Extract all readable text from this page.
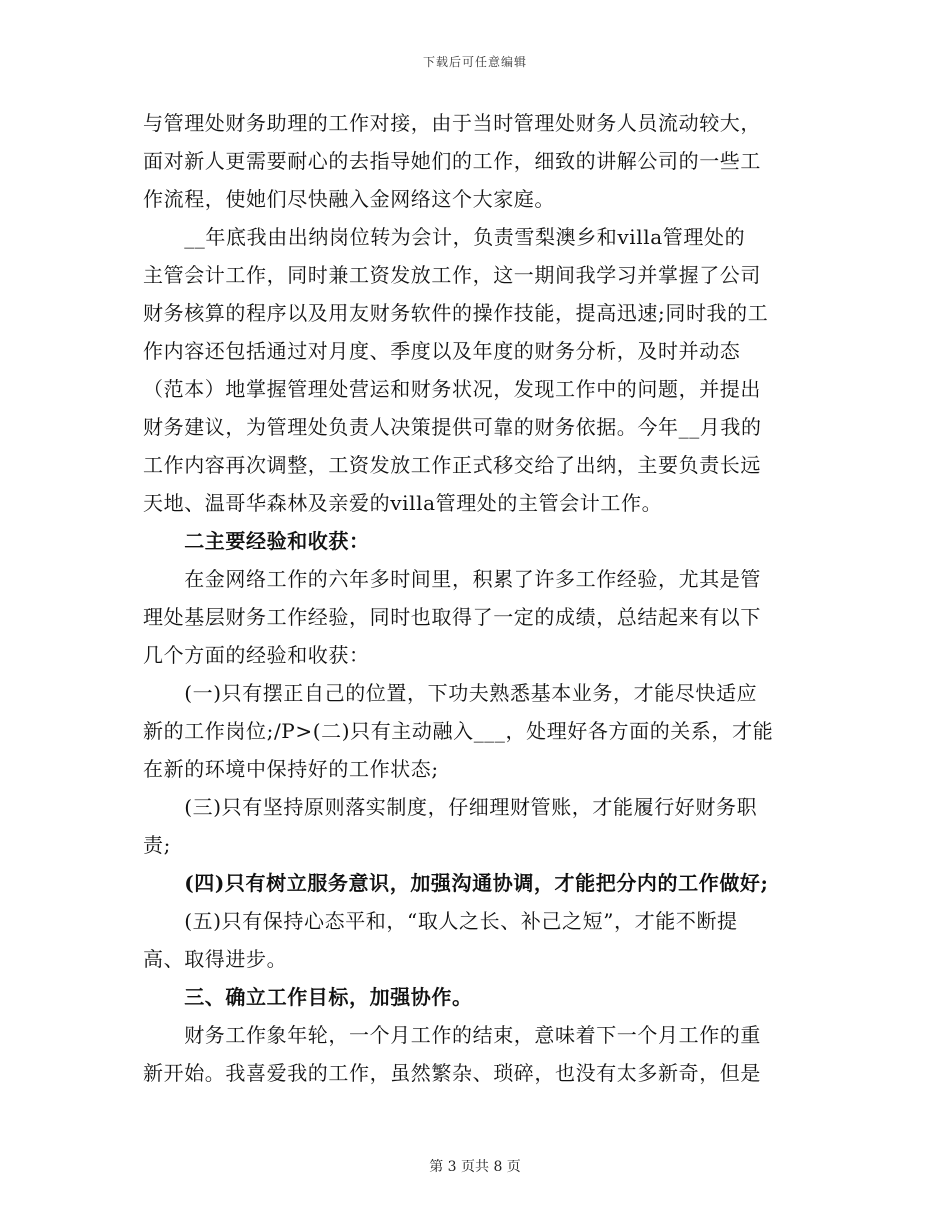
下载后可任意编辑
与管理处财务助理的工作对接，由于当时管理处财务人员流动较大，
面对新人更需要耐心的去指导她们的工作，细致的讲解公司的一些工
作流程，使她们尽快融入金网络这个大家庭。
　　__年底我由出纳岗位转为会计，负责雪梨澳乡和villa管理处的
主管会计工作，同时兼工资发放工作，这一期间我学习并掌握了公司
财务核算的程序以及用友财务软件的操作技能，提高迅速;同时我的工
作内容还包括通过对月度、季度以及年度的财务分析，及时并动态
（范本）地掌握管理处营运和财务状况，发现工作中的问题，并提出
财务建议，为管理处负责人决策提供可靠的财务依据。今年__月我的
工作内容再次调整，工资发放工作正式移交给了出纳，主要负责长远
天地、温哥华森林及亲爱的villa管理处的主管会计工作。
　　二主要经验和收获：
　　在金网络工作的六年多时间里，积累了许多工作经验，尤其是管
理处基层财务工作经验，同时也取得了一定的成绩，总结起来有以下
几个方面的经验和收获：
　　(一)只有摆正自己的位置，下功夫熟悉基本业务，才能尽快适应
新的工作岗位;/P>(二)只有主动融入___，处理好各方面的关系，才能
在新的环境中保持好的工作状态;
　　(三)只有坚持原则落实制度，仔细理财管账，才能履行好财务职
责;
　　(四)只有树立服务意识，加强沟通协调，才能把分内的工作做好;
　　(五)只有保持心态平和，“取人之长、补己之短”，才能不断提
高、取得进步。
　　三、确立工作目标，加强协作。
　　财务工作象年轮，一个月工作的结束，意味着下一个月工作的重
新开始。我喜爱我的工作，虽然繁杂、琐碎，也没有太多新奇，但是
第 3 页共 8 页
